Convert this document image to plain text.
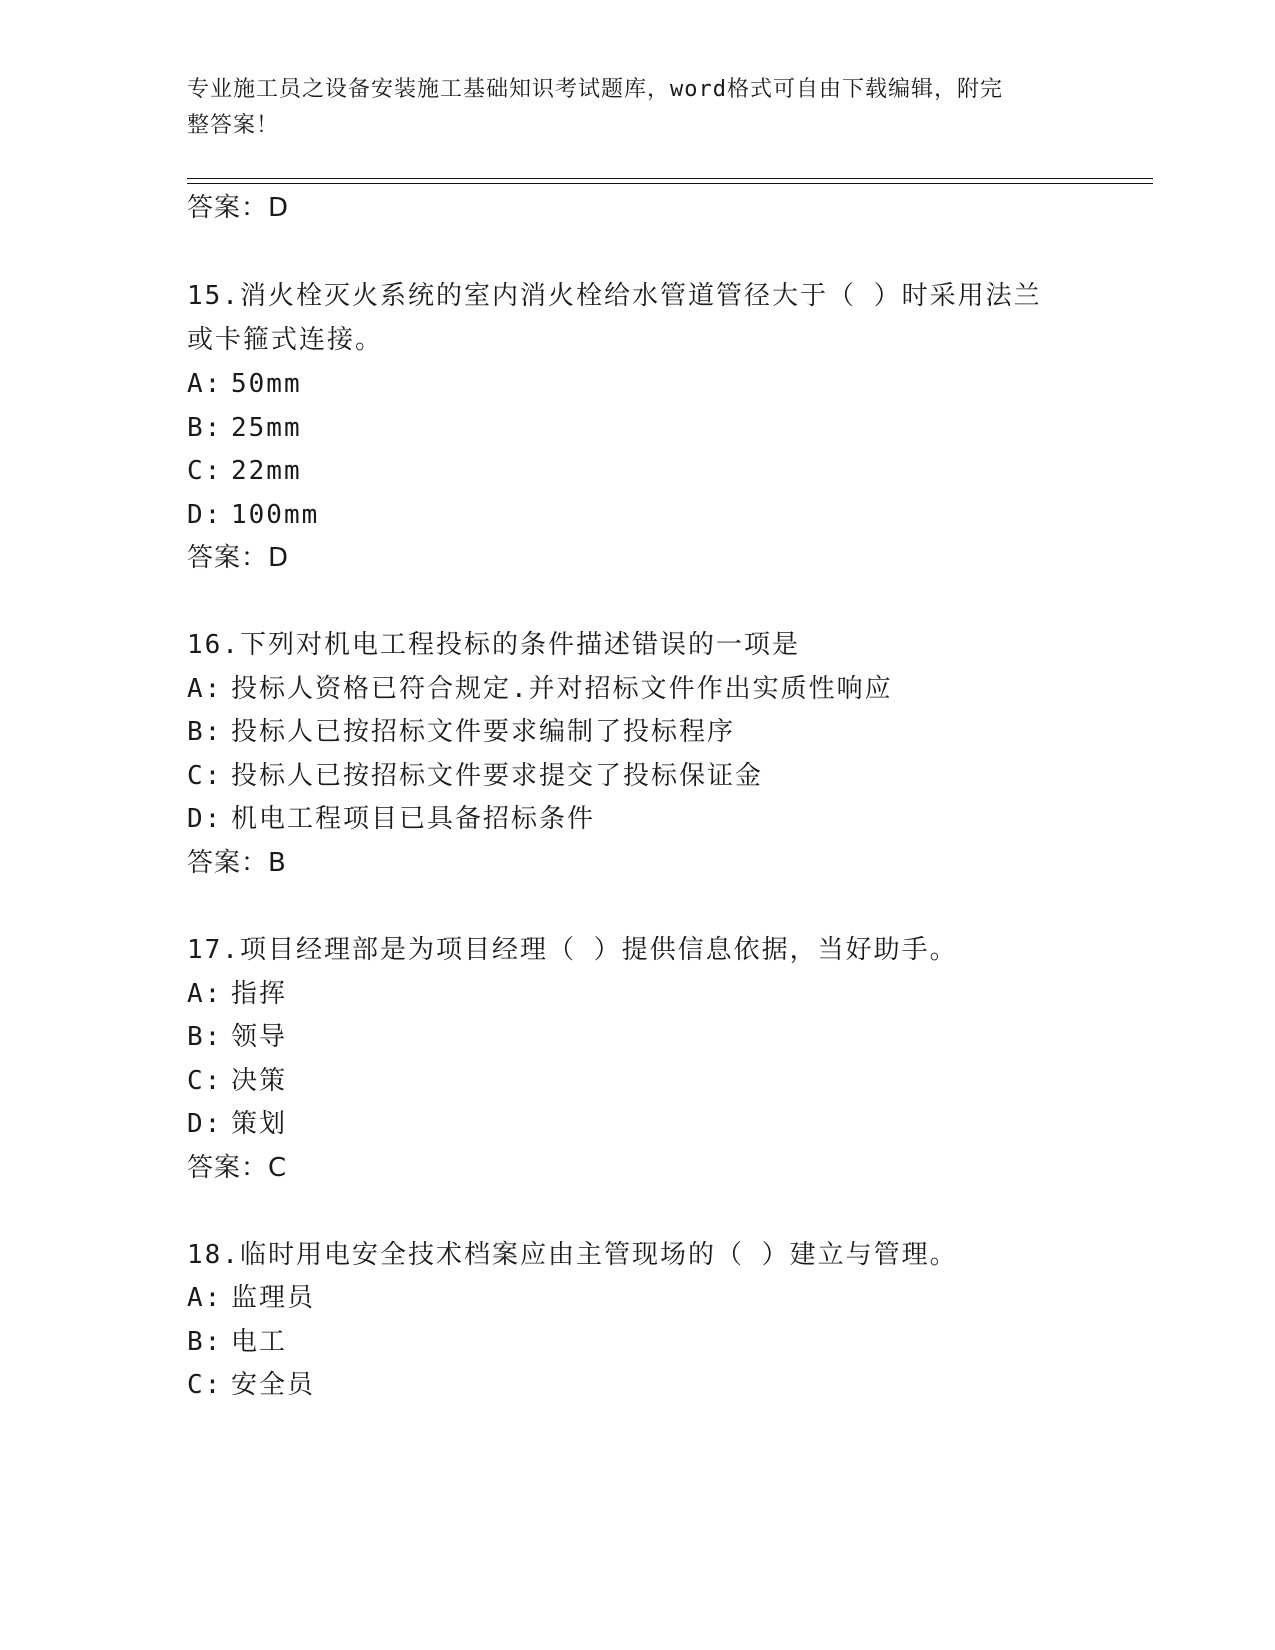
专业施工员之设备安装施工基础知识考试题库，word格式可自由下载编辑，附完
整答案！
答案：D
15.消火栓灭火系统的室内消火栓给水管道管径大于（ ）时采用法兰
或卡箍式连接。
A: 50mm
B: 25mm
C: 22mm
D: 100mm
答案：D
16.下列对机电工程投标的条件描述错误的一项是
A: 投标人资格已符合规定.并对招标文件作出实质性响应
B: 投标人已按招标文件要求编制了投标程序
C: 投标人已按招标文件要求提交了投标保证金
D: 机电工程项目已具备招标条件
答案：B
17.项目经理部是为项目经理（ ）提供信息依据，当好助手。
A: 指挥
B: 领导
C: 决策
D: 策划
答案：C
18.临时用电安全技术档案应由主管现场的（ ）建立与管理。
A: 监理员
B: 电工
C: 安全员
